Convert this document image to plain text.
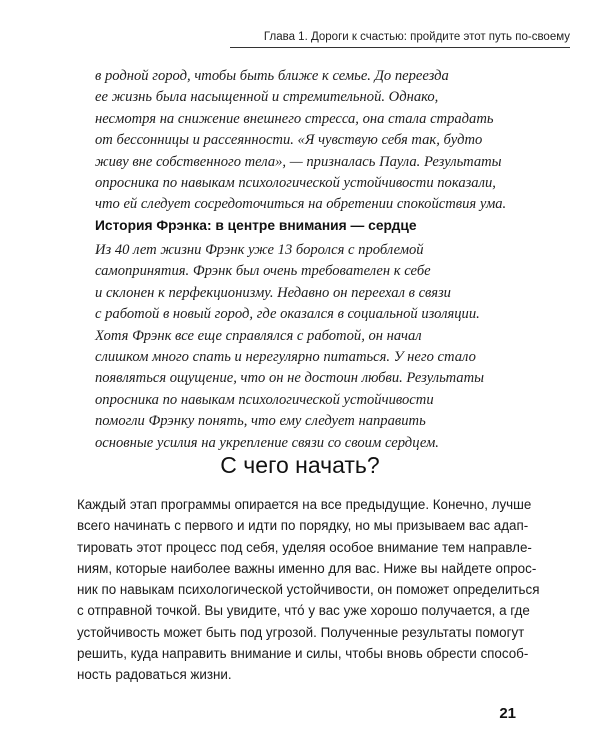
Глава 1. Дороги к счастью: пройдите этот путь по-своему
в родной город, чтобы быть ближе к семье. До переезда
ее жизнь была насыщенной и стремительной. Однако,
несмотря на снижение внешнего стресса, она стала страдать
от бессонницы и рассеянности. «Я чувствую себя так, будто
живу вне собственного тела», — призналась Паула. Результаты
опросника по навыкам психологической устойчивости показали,
что ей следует сосредоточиться на обретении спокойствия ума.
История Фрэнка: в центре внимания — сердце
Из 40 лет жизни Фрэнк уже 13 боролся с проблемой
самопринятия. Фрэнк был очень требователен к себе
и склонен к перфекционизму. Недавно он переехал в связи
с работой в новый город, где оказался в социальной изоляции.
Хотя Фрэнк все еще справлялся с работой, он начал
слишком много спать и нерегулярно питаться. У него стало
появляться ощущение, что он не достоин любви. Результаты
опросника по навыкам психологической устойчивости
помогли Фрэнку понять, что ему следует направить
основные усилия на укрепление связи со своим сердцем.
С чего начать?
Каждый этап программы опирается на все предыдущие. Конечно, лучше
всего начинать с первого и идти по порядку, но мы призываем вас адап-
тировать этот процесс под себя, уделяя особое внимание тем направле-
ниям, которые наиболее важны именно для вас. Ниже вы найдете опрос-
ник по навыкам психологической устойчивости, он поможет определиться
с отправной точкой. Вы увидите, что́ у вас уже хорошо получается, а где
устойчивость может быть под угрозой. Полученные результаты помогут
решить, куда направить внимание и силы, чтобы вновь обрести способ-
ность радоваться жизни.
21
